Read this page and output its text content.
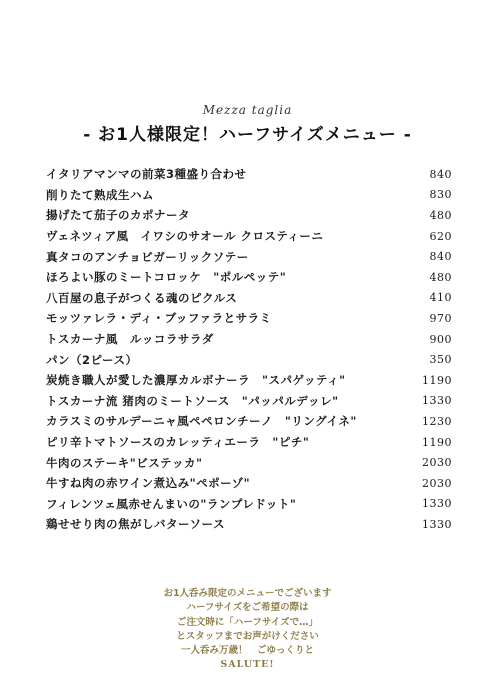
Mezza taglia
- お1人様限定！ハーフサイズメニュー -
イタリアマンマの前菜3種盛り合わせ	840
削りたて熟成生ハム	830
揚げたて茄子のカポナータ	480
ヴェネツィア風　イワシのサオール クロスティーニ	620
真タコのアンチョビガーリックソテー	840
ほろよい豚のミートコロッケ　"ポルペッテ"	480
八百屋の息子がつくる魂のピクルス	410
モッツァレラ・ディ・ブッファラとサラミ	970
トスカーナ風　ルッコラサラダ	900
パン（2ピース）	350
炭焼き職人が愛した濃厚カルボナーラ　"スパゲッティ"	1190
トスカーナ流 猪肉のミートソース　"パッパルデッレ"	1330
カラスミのサルデーニャ風ペペロンチーノ　"リングイネ"	1230
ピリ辛トマトソースのカレッティエーラ　"ピチ"	1190
牛肉のステーキ"ビステッカ"	2030
牛すね肉の赤ワイン煮込み"ペポーゾ"	2030
フィレンツェ風赤せんまいの"ランプレドット"	1330
鶏せせり肉の焦がしバターソース	1330
お1人呑み限定のメニューでございます
ハーフサイズをご希望の際は
ご注文時に「ハーフサイズで…」
とスタッフまでお声がけください
一人呑み万歳！　ごゆっくりと
SALUTE!
